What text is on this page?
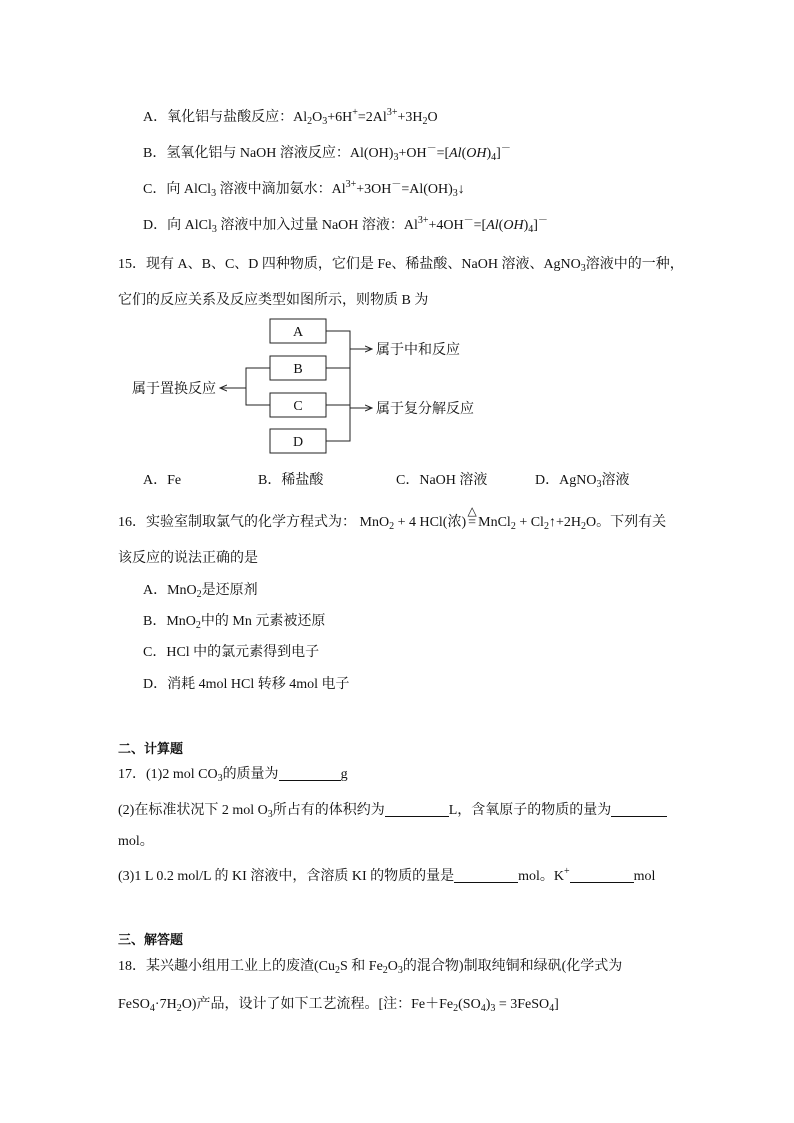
A．氧化铝与盐酸反应：$Al_2O_3+6H^+=2Al^{3+}+3H_2O$
B．氢氧化铝与 NaOH 溶液反应：$Al(OH)_3+OH^-=[Al(OH)_4]^-$
C．向 AlCl$_3$ 溶液中滴加氨水：$Al^{3+}+3OH^-=Al(OH)_3↓$
D．向 AlCl$_3$ 溶液中加入过量 NaOH 溶液：$Al^{3+}+4OH^-=[Al(OH)_4]^-$
15．现有 A、B、C、D 四种物质，它们是 Fe、稀盐酸、NaOH 溶液、AgNO$_3$溶液中的一种，
它们的反应关系及反应类型如图所示，则物质 B 为
A
B
C
D
属于中和反应
属于复分解反应
属于置换反应
A．Fe	B．稀盐酸	C．NaOH 溶液	D．AgNO$_3$溶液
16．实验室制取氯气的化学方程式为： MnO$_2$ + 4 HCl(浓)
△
= MnCl$_2$ + $Cl_2↑+2H_2O$。下列有关
该反应的说法正确的是
A．MnO$_2$是还原剂
B．MnO$_2$中的 Mn 元素被还原
C．HCl 中的氯元素得到电子
D．消耗 4mol HCl 转移 4mol 电子
二、计算题
17．(1)2 mol $CO_3$的质量为	g
(2)在标准状况下 2 mol $O_3$所占有的体积约为	L，含氧原子的物质的量为
mol。
(3)1 L 0.2 mol/L 的 KI 溶液中，含溶质 KI 的物质的量是	mol。K+	mol
三、解答题
18．某兴趣小组用工业上的废渣($Cu_2S$ 和 $Fe_2O_3$的混合物)制取纯铜和绿矾(化学式为
$FeSO_4\cdot 7H_2O$)产品，设计了如下工艺流程。[注：$Fe+Fe_2(SO_4)_3$ = 3FeSO$_4$]
